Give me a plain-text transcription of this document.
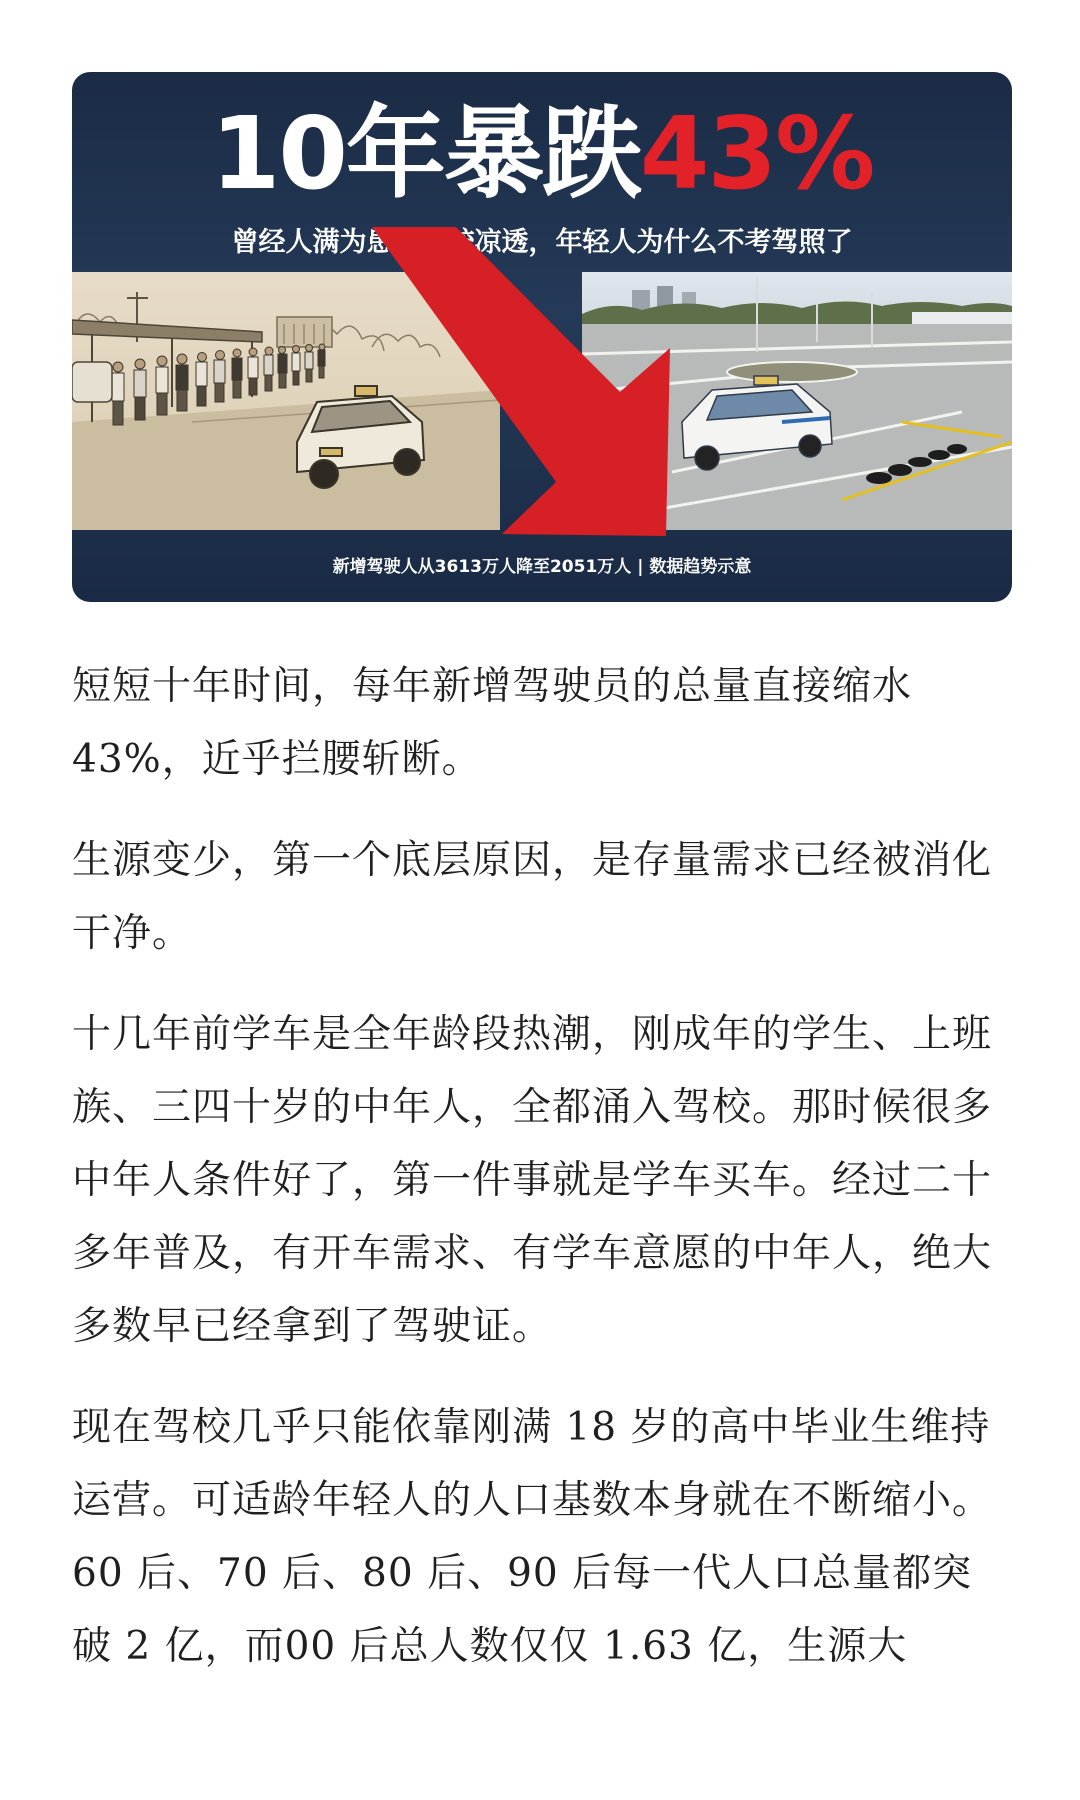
10年暴跌43%
曾经人满为患的驾校凉透，年轻人为什么不考驾照了
新增驾驶人从3613万人降至2051万人 | 数据趋势示意

短短十年时间，每年新增驾驶员的总量直接缩水43%，近乎拦腰斩断。

生源变少，第一个底层原因，是存量需求已经被消化干净。

十几年前学车是全年龄段热潮，刚成年的学生、上班族、三四十岁的中年人，全都涌入驾校。那时候很多中年人条件好了，第一件事就是学车买车。经过二十多年普及，有开车需求、有学车意愿的中年人，绝大多数早已经拿到了驾驶证。

现在驾校几乎只能依靠刚满 18 岁的高中毕业生维持运营。可适龄年轻人的人口基数本身就在不断缩小。60 后、70 后、80 后、90 后每一代人口总量都突破 2 亿，而00 后总人数仅仅 1.63 亿，生源大
